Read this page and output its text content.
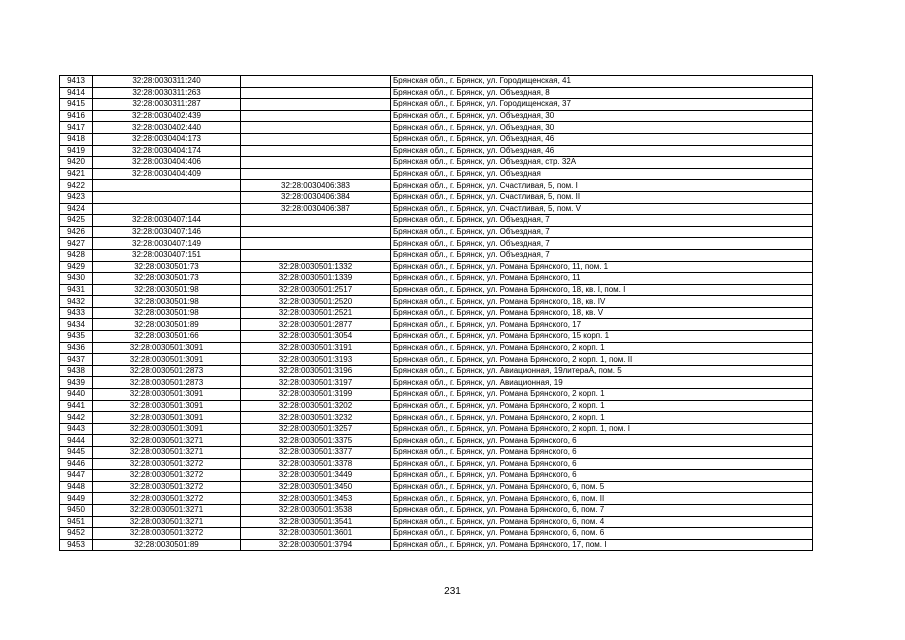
9413	32:28:0030311:240		Брянская обл., г. Брянск, ул. Городищенская, 41
9414	32:28:0030311:263		Брянская обл., г. Брянск, ул. Объездная, 8
9415	32:28:0030311:287		Брянская обл., г. Брянск, ул. Городищенская, 37
9416	32:28:0030402:439		Брянская обл., г. Брянск, ул. Объездная, 30
9417	32:28:0030402:440		Брянская обл., г. Брянск, ул. Объездная, 30
9418	32:28:0030404:173		Брянская обл., г. Брянск, ул. Объездная, 46
9419	32:28:0030404:174		Брянская обл., г. Брянск, ул. Объездная, 46
9420	32:28:0030404:406		Брянская обл., г. Брянск, ул. Объездная, стр. 32А
9421	32:28:0030404:409		Брянская обл., г. Брянск, ул. Объездная
9422		32:28:0030406:383	Брянская обл., г. Брянск, ул. Счастливая, 5, пом. I
9423		32:28:0030406:384	Брянская обл., г. Брянск, ул. Счастливая, 5, пом. II
9424		32:28:0030406:387	Брянская обл., г. Брянск, ул. Счастливая, 5, пом. V
9425	32:28:0030407:144		Брянская обл., г. Брянск, ул. Объездная, 7
9426	32:28:0030407:146		Брянская обл., г. Брянск, ул. Объездная, 7
9427	32:28:0030407:149		Брянская обл., г. Брянск, ул. Объездная, 7
9428	32:28:0030407:151		Брянская обл., г. Брянск, ул. Объездная, 7
9429	32:28:0030501:73	32:28:0030501:1332	Брянская обл., г. Брянск, ул. Романа Брянского, 11, пом. 1
9430	32:28:0030501:73	32:28:0030501:1339	Брянская обл., г. Брянск, ул. Романа Брянского, 11
9431	32:28:0030501:98	32:28:0030501:2517	Брянская обл., г. Брянск, ул. Романа Брянского, 18, кв. I, пом. I
9432	32:28:0030501:98	32:28:0030501:2520	Брянская обл., г. Брянск, ул. Романа Брянского, 18, кв. IV
9433	32:28:0030501:98	32:28:0030501:2521	Брянская обл., г. Брянск, ул. Романа Брянского, 18, кв. V
9434	32:28:0030501:89	32:28:0030501:2877	Брянская обл., г. Брянск, ул. Романа Брянского, 17
9435	32:28:0030501:66	32:28:0030501:3054	Брянская обл., г. Брянск, ул. Романа Брянского, 15 корп. 1
9436	32:28:0030501:3091	32:28:0030501:3191	Брянская обл., г. Брянск, ул. Романа Брянского, 2 корп. 1
9437	32:28:0030501:3091	32:28:0030501:3193	Брянская обл., г. Брянск, ул. Романа Брянского, 2 корп. 1, пом. II
9438	32:28:0030501:2873	32:28:0030501:3196	Брянская обл., г. Брянск, ул. Авиационная, 19литераА, пом. 5
9439	32:28:0030501:2873	32:28:0030501:3197	Брянская обл., г. Брянск, ул. Авиационная, 19
9440	32:28:0030501:3091	32:28:0030501:3199	Брянская обл., г. Брянск, ул. Романа Брянского, 2 корп. 1
9441	32:28:0030501:3091	32:28:0030501:3202	Брянская обл., г. Брянск, ул. Романа Брянского, 2 корп. 1
9442	32:28:0030501:3091	32:28:0030501:3232	Брянская обл., г. Брянск, ул. Романа Брянского, 2 корп. 1
9443	32:28:0030501:3091	32:28:0030501:3257	Брянская обл., г. Брянск, ул. Романа Брянского, 2 корп. 1, пом. I
9444	32:28:0030501:3271	32:28:0030501:3375	Брянская обл., г. Брянск, ул. Романа Брянского, 6
9445	32:28:0030501:3271	32:28:0030501:3377	Брянская обл., г. Брянск, ул. Романа Брянского, 6
9446	32:28:0030501:3272	32:28:0030501:3378	Брянская обл., г. Брянск, ул. Романа Брянского, 6
9447	32:28:0030501:3272	32:28:0030501:3449	Брянская обл., г. Брянск, ул. Романа Брянского, 6
9448	32:28:0030501:3272	32:28:0030501:3450	Брянская обл., г. Брянск, ул. Романа Брянского, 6, пом. 5
9449	32:28:0030501:3272	32:28:0030501:3453	Брянская обл., г. Брянск, ул. Романа Брянского, 6, пом. II
9450	32:28:0030501:3271	32:28:0030501:3538	Брянская обл., г. Брянск, ул. Романа Брянского, 6, пом. 7
9451	32:28:0030501:3271	32:28:0030501:3541	Брянская обл., г. Брянск, ул. Романа Брянского, 6, пом. 4
9452	32:28:0030501:3272	32:28:0030501:3601	Брянская обл., г. Брянск, ул. Романа Брянского, 6, пом. 6
9453	32:28:0030501:89	32:28:0030501:3794	Брянская обл., г. Брянск, ул. Романа Брянского, 17, пом. I
231
